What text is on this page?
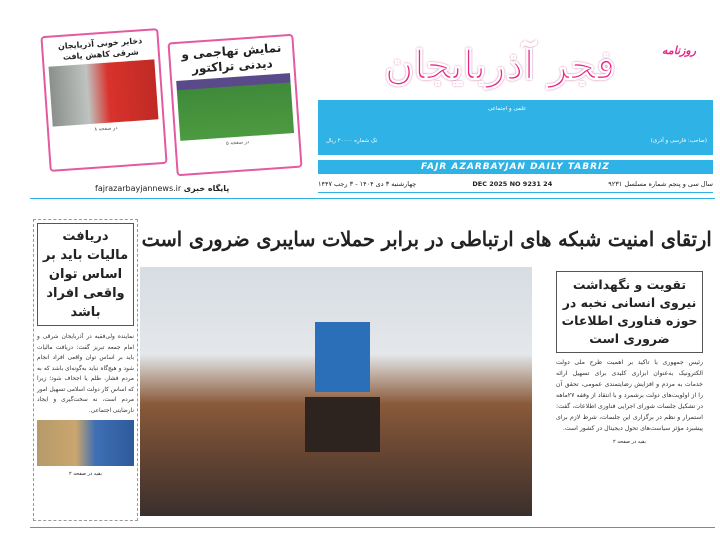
(صاحب: فارسی و آذری)
تک شماره ۲۰۰۰۰ ریال
علمی و اجتماعی
FAJR AZARBAYJAN DAILY TABRIZ
فجر آذربایجان	روزنامه
سال سی و پنجم شماره مسلسل ۹۲۳۱
24 DEC 2025 NO 9231
چهارشنبه ۳ دی ۱۴۰۴ - ۳ رجب ۱۴۴۷
ذخایر خونی آذربایجان شرقی کاهش یافت
در صفحه ۸
نمایش تهاجمی و دیدنی تراکتور
در صفحه ۵
پایگاه خبری fajrazarbayjannews.ir
ارتقای امنیت شبکه های ارتباطی در برابر حملات سایبری ضروری است
تقویت و نگهداشت نیروی انسانی نخبه در حوزه فناوری اطلاعات ضروری است
رئیس جمهوری با تاکید بر اهمیت طرح ملی دولت الکترونیک به‌عنوان ابزاری کلیدی برای تسهیل ارائه خدمات به مردم و افزایش رضایتمندی عمومی، تحقق آن را از اولویت‌های دولت برشمرد و با انتقاد از وقفه ۲۷ماهه در تشکیل جلسات شورای اجرایی فناوری اطلاعات، گفت: استمرار و نظم در برگزاری این جلسات، شرط لازم برای پیشبرد مؤثر سیاست‌های تحول دیجیتال در کشور است.
بقیه در صفحه ۲
دریافت مالیات باید بر اساس توان واقعی افراد باشد
نماینده ولی‌فقیه در آذربایجان شرقی و امام جمعه تبریز گفت: دریافت مالیات باید بر اساس توان واقعی افراد انجام شود و هیچ‌گاه نباید به‌گونه‌ای باشد که به مردم فشار، ظلم یا اجحاف شود؛ زیرا که اساس کار دولت اسلامی تسهیل امور مردم است، نه سخت‌گیری و ایجاد نارضایتی اجتماعی.
بقیه در صفحه ۲
